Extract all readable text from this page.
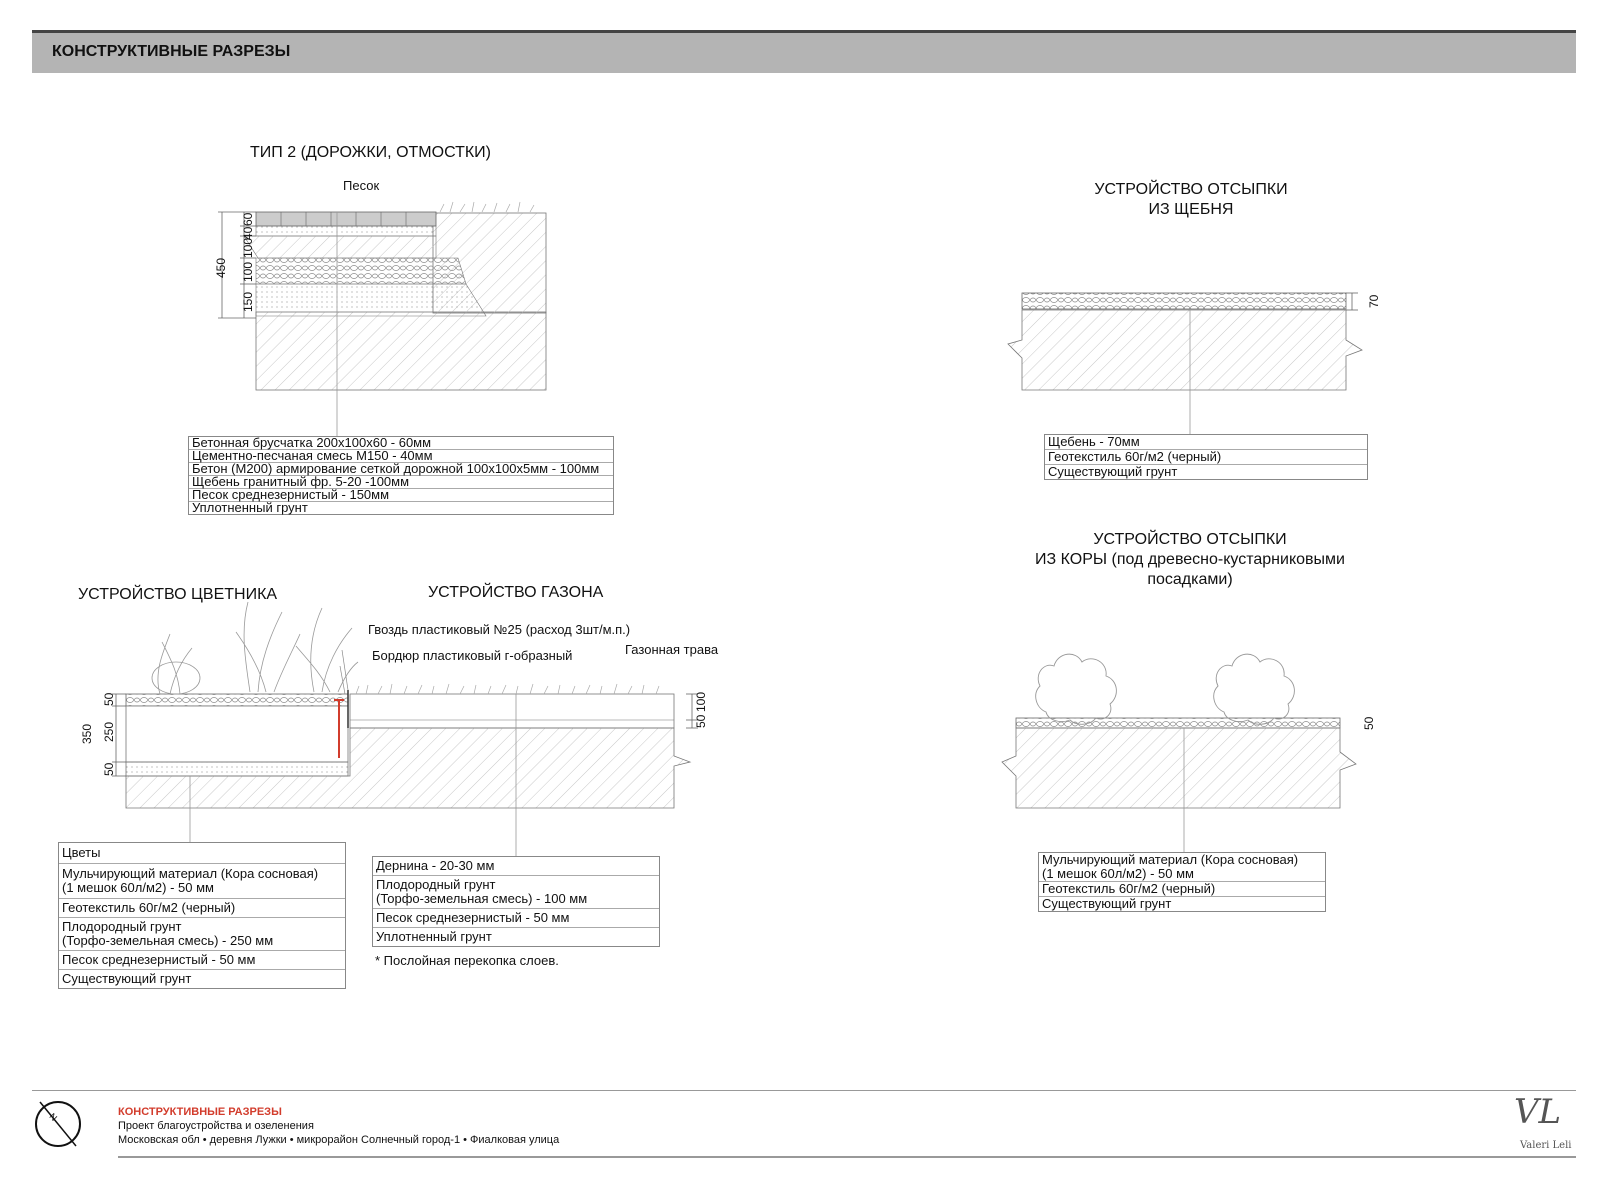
КОНСТРУКТИВНЫЕ РАЗРЕЗЫ
ТИП 2 (ДОРОЖКИ, ОТМОСТКИ)
Песок
60
40
100
100
150
450
Бетонная брусчатка 200х100х60 - 60мм
Цементно-песчаная смесь М150 - 40мм
Бетон (М200) армирование сеткой дорожной 100х100х5мм - 100мм
Щебень гранитный фр. 5-20 -100мм
Песок среднезернистый - 150мм
Уплотненный грунт
УСТРОЙСТВО ОТСЫПКИ
ИЗ ЩЕБНЯ
70
Щебень - 70мм
Геотекстиль 60г/м2 (черный)
Существующий грунт
УСТРОЙСТВО ОТСЫПКИ
ИЗ КОРЫ (под древесно-кустарниковыми
посадками)
50
Мульчирующий материал (Кора сосновая)
(1 мешок 60л/м2) - 50 мм
Геотекстиль 60г/м2 (черный)
Существующий грунт
УСТРОЙСТВО ЦВЕТНИКА	УСТРОЙСТВО ГАЗОНА
Гвоздь пластиковый №25 (расход 3шт/м.п.)
Бордюр пластиковый г-образный	Газонная трава
50
250
50
350
50
100
Цветы
Мульчирующий материал (Кора сосновая)
(1 мешок 60л/м2) - 50 мм
Геотекстиль 60г/м2 (черный)
Плодородный грунт
(Торфо-земельная смесь) - 250 мм
Песок среднезернистый - 50 мм
Существующий грунт
Дернина - 20-30 мм
Плодородный грунт
(Торфо-земельная смесь) - 100 мм
Песок среднезернистый - 50 мм
Уплотненный грунт
* Послойная перекопка слоев.
N	КОНСТРУКТИВНЫЕ РАЗРЕЗЫ
Проект благоустройства и озеленения
Московская обл • деревня Лужки • микрорайон Солнечный город-1 • Фиалковая улица
VL
Valeri Leli
